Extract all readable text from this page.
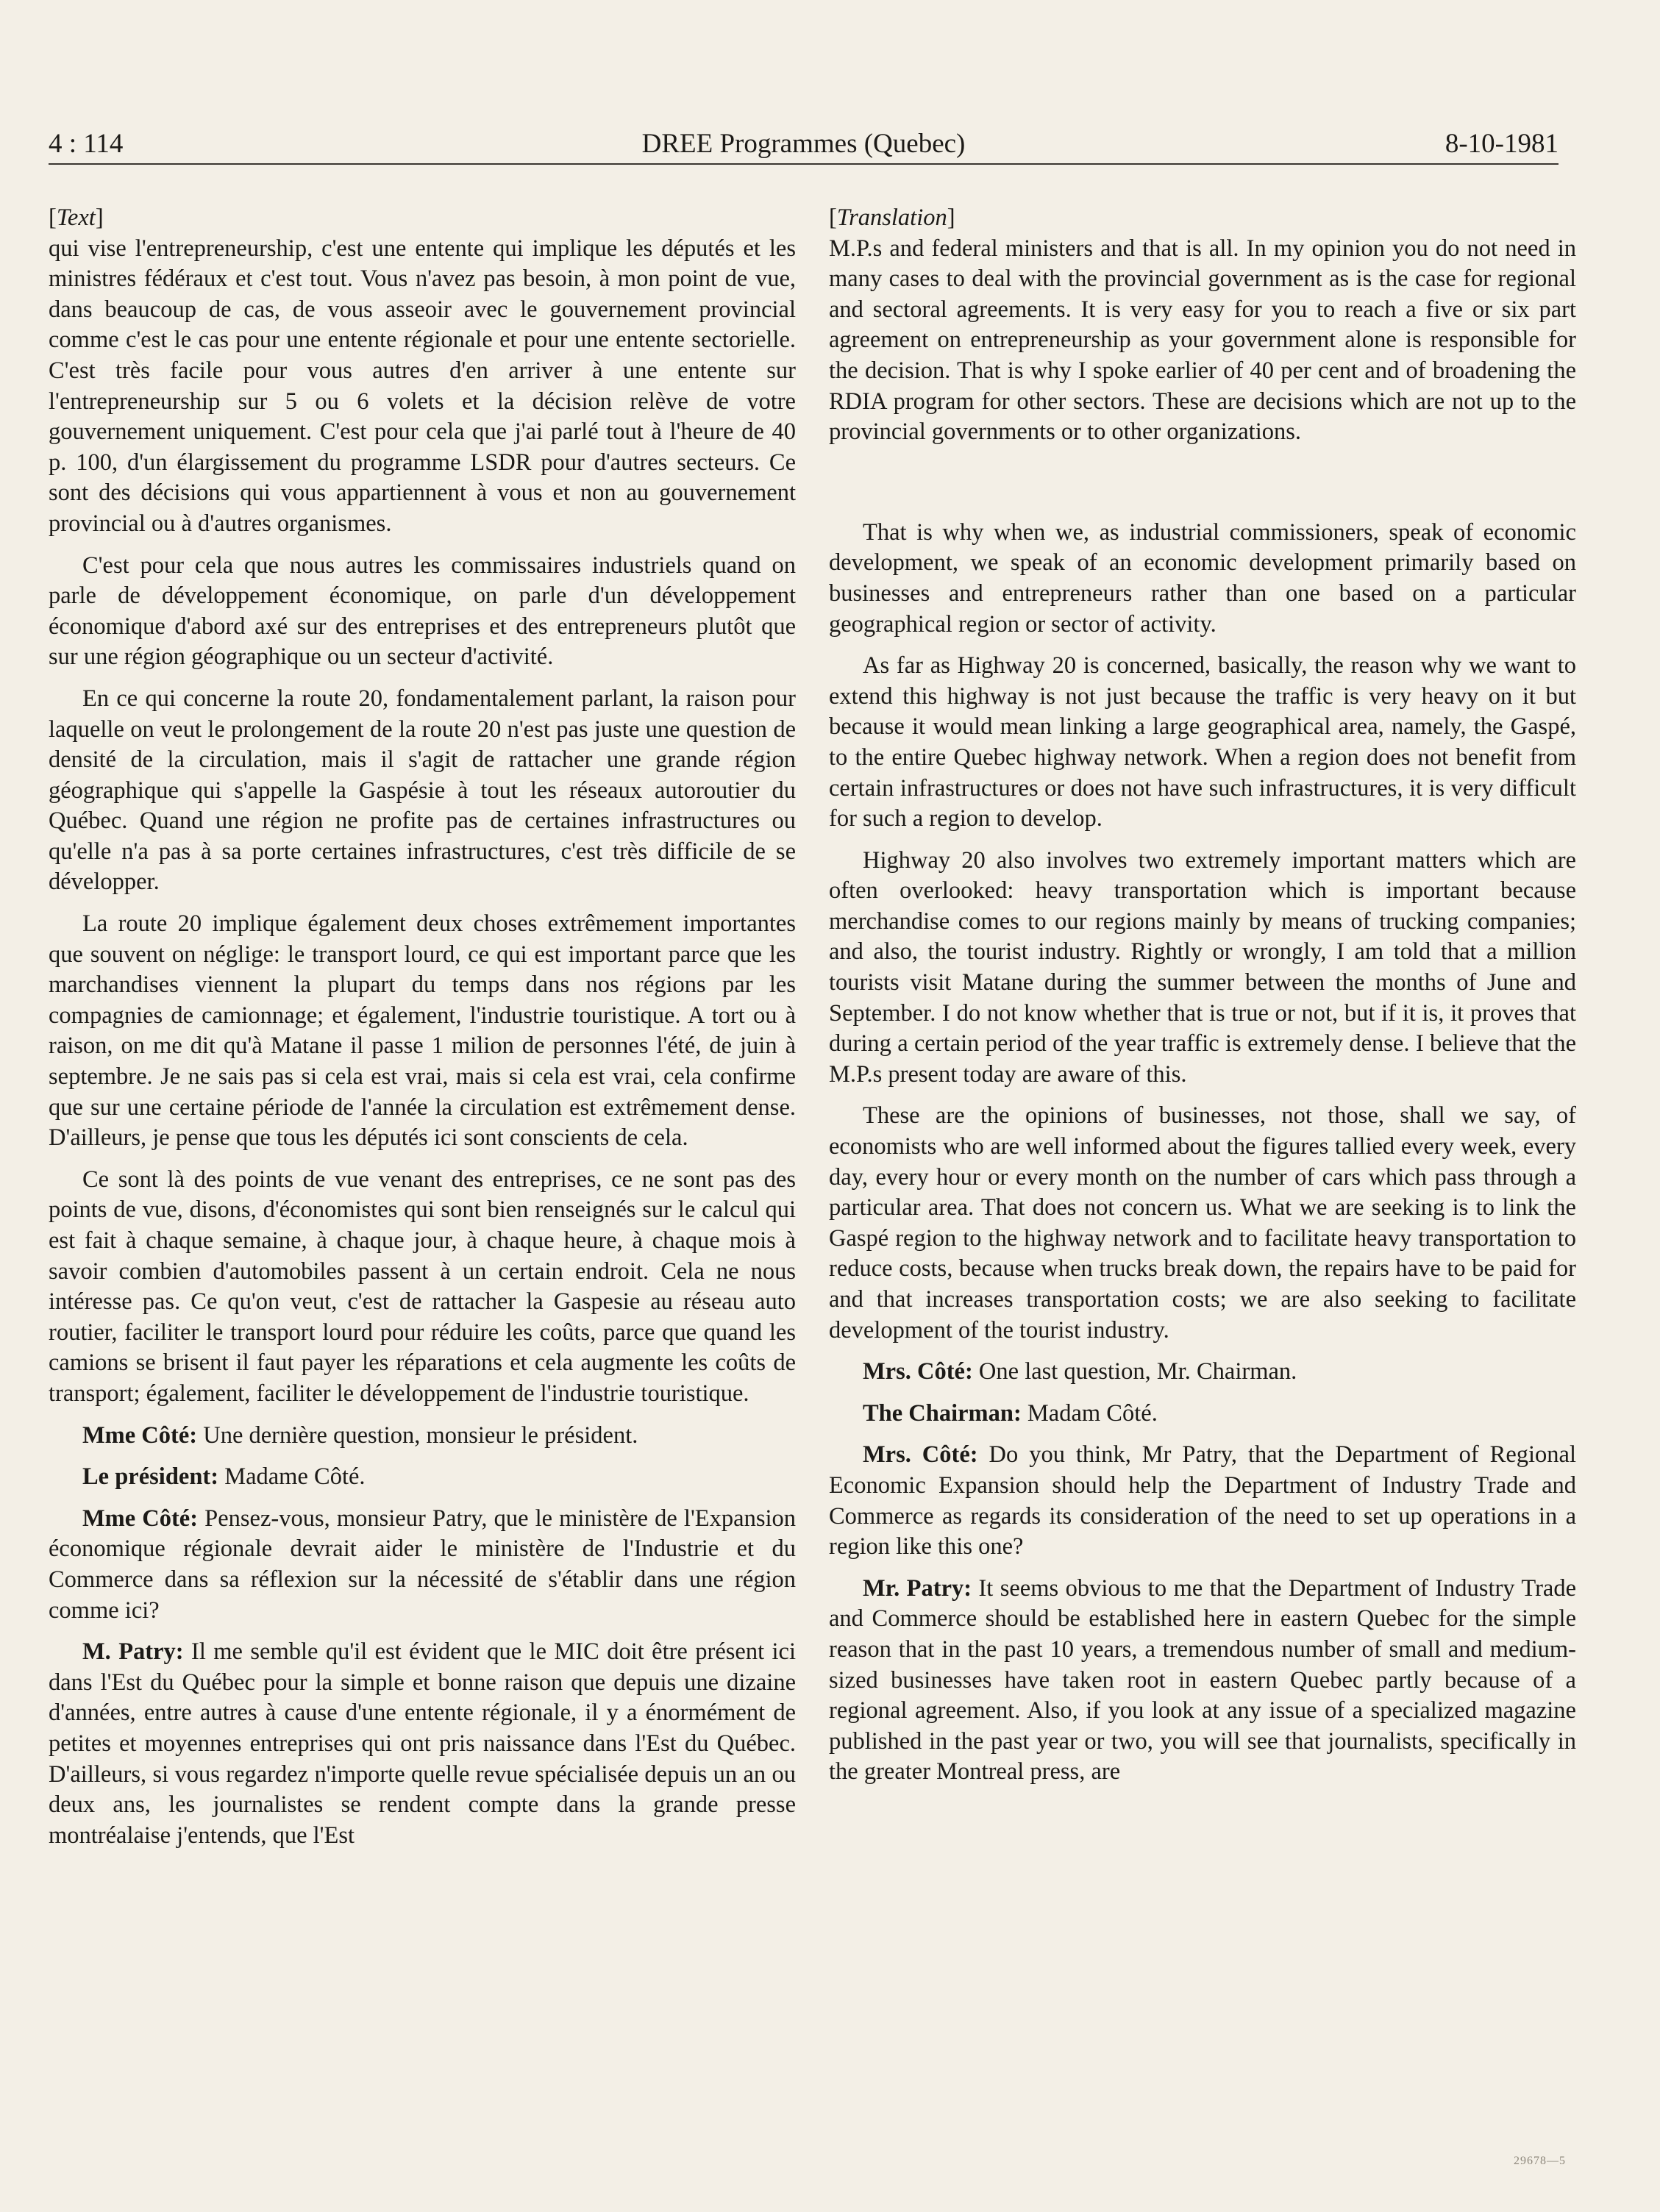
4 : 114	DREE Programmes (Quebec)	8-10-1981

[Text]

qui vise l'entrepreneurship, c'est une entente qui implique les députés et les ministres fédéraux et c'est tout. Vous n'avez pas besoin, à mon point de vue, dans beaucoup de cas, de vous asseoir avec le gouvernement provincial comme c'est le cas pour une entente régionale et pour une entente sectorielle. C'est très facile pour vous autres d'en arriver à une entente sur l'entrepreneurship sur 5 ou 6 volets et la décision relève de votre gouvernement uniquement. C'est pour cela que j'ai parlé tout à l'heure de 40 p. 100, d'un élargissement du programme LSDR pour d'autres secteurs. Ce sont des décisions qui vous appartiennent à vous et non au gouvernement provincial ou à d'autres organismes.

C'est pour cela que nous autres les commissaires industriels quand on parle de développement économique, on parle d'un développement économique d'abord axé sur des entreprises et des entrepreneurs plutôt que sur une région géographique ou un secteur d'activité.

En ce qui concerne la route 20, fondamentalement parlant, la raison pour laquelle on veut le prolongement de la route 20 n'est pas juste une question de densité de la circulation, mais il s'agit de rattacher une grande région géographique qui s'appelle la Gaspésie à tout les réseaux autoroutier du Québec. Quand une région ne profite pas de certaines infrastructures ou qu'elle n'a pas à sa porte certaines infrastructures, c'est très difficile de se développer.

La route 20 implique également deux choses extrêmement importantes que souvent on néglige: le transport lourd, ce qui est important parce que les marchandises viennent la plupart du temps dans nos régions par les compagnies de camionnage; et également, l'industrie touristique. A tort ou à raison, on me dit qu'à Matane il passe 1 milion de personnes l'été, de juin à septembre. Je ne sais pas si cela est vrai, mais si cela est vrai, cela confirme que sur une certaine période de l'année la circulation est extrêmement dense. D'ailleurs, je pense que tous les députés ici sont conscients de cela.

Ce sont là des points de vue venant des entreprises, ce ne sont pas des points de vue, disons, d'économistes qui sont bien renseignés sur le calcul qui est fait à chaque semaine, à chaque jour, à chaque heure, à chaque mois à savoir combien d'automobiles passent à un certain endroit. Cela ne nous intéresse pas. Ce qu'on veut, c'est de rattacher la Gaspesie au réseau auto routier, faciliter le transport lourd pour réduire les coûts, parce que quand les camions se brisent il faut payer les réparations et cela augmente les coûts de transport; également, faciliter le développement de l'industrie touristique.

Mme Côté: Une dernière question, monsieur le président.

Le président: Madame Côté.

Mme Côté: Pensez-vous, monsieur Patry, que le ministère de l'Expansion économique régionale devrait aider le ministère de l'Industrie et du Commerce dans sa réflexion sur la nécessité de s'établir dans une région comme ici?

M. Patry: Il me semble qu'il est évident que le MIC doit être présent ici dans l'Est du Québec pour la simple et bonne raison que depuis une dizaine d'années, entre autres à cause d'une entente régionale, il y a énormément de petites et moyennes entreprises qui ont pris naissance dans l'Est du Québec. D'ailleurs, si vous regardez n'importe quelle revue spécialisée depuis un an ou deux ans, les journalistes se rendent compte dans la grande presse montréalaise j'entends, que l'Est

[Translation]

M.P.s and federal ministers and that is all. In my opinion you do not need in many cases to deal with the provincial government as is the case for regional and sectoral agreements. It is very easy for you to reach a five or six part agreement on entrepreneurship as your government alone is responsible for the decision. That is why I spoke earlier of 40 per cent and of broadening the RDIA program for other sectors. These are decisions which are not up to the provincial governments or to other organizations.

That is why when we, as industrial commissioners, speak of economic development, we speak of an economic development primarily based on businesses and entrepreneurs rather than one based on a particular geographical region or sector of activity.

As far as Highway 20 is concerned, basically, the reason why we want to extend this highway is not just because the traffic is very heavy on it but because it would mean linking a large geographical area, namely, the Gaspé, to the entire Quebec highway network. When a region does not benefit from certain infrastructures or does not have such infrastructures, it is very difficult for such a region to develop.

Highway 20 also involves two extremely important matters which are often overlooked: heavy transportation which is important because merchandise comes to our regions mainly by means of trucking companies; and also, the tourist industry. Rightly or wrongly, I am told that a million tourists visit Matane during the summer between the months of June and September. I do not know whether that is true or not, but if it is, it proves that during a certain period of the year traffic is extremely dense. I believe that the M.P.s present today are aware of this.

These are the opinions of businesses, not those, shall we say, of economists who are well informed about the figures tallied every week, every day, every hour or every month on the number of cars which pass through a particular area. That does not concern us. What we are seeking is to link the Gaspé region to the highway network and to facilitate heavy transportation to reduce costs, because when trucks break down, the repairs have to be paid for and that increases transportation costs; we are also seeking to facilitate development of the tourist industry.

Mrs. Côté: One last question, Mr. Chairman.

The Chairman: Madam Côté.

Mrs. Côté: Do you think, Mr Patry, that the Department of Regional Economic Expansion should help the Department of Industry Trade and Commerce as regards its consideration of the need to set up operations in a region like this one?

Mr. Patry: It seems obvious to me that the Department of Industry Trade and Commerce should be established here in eastern Quebec for the simple reason that in the past 10 years, a tremendous number of small and medium-sized businesses have taken root in eastern Quebec partly because of a regional agreement. Also, if you look at any issue of a specialized magazine published in the past year or two, you will see that journalists, specifically in the greater Montreal press, are

29678—5
